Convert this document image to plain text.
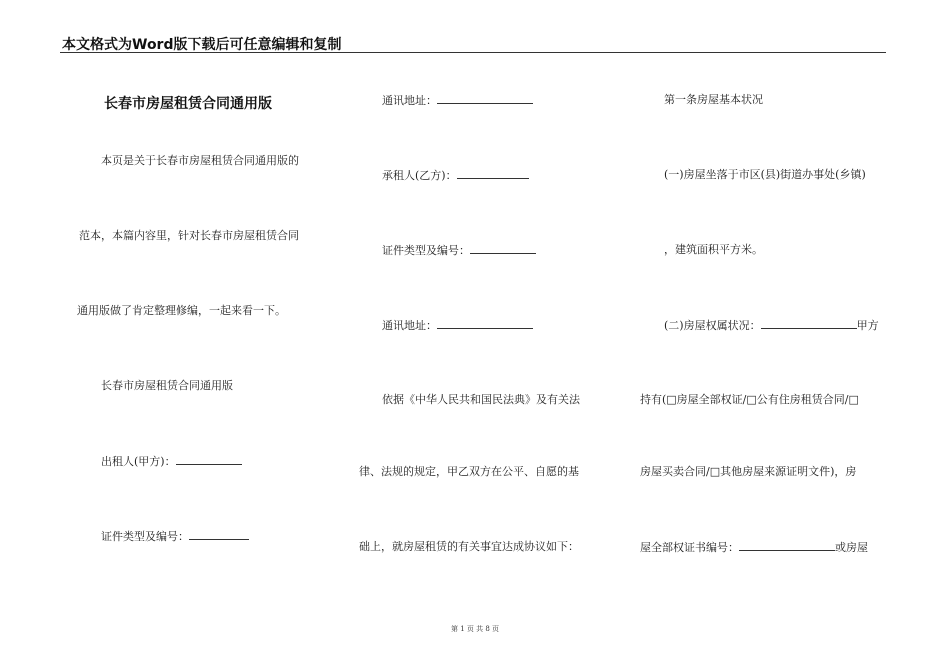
本文格式为Word版下载后可任意编辑和复制
长春市房屋租赁合同通用版
本页是关于长春市房屋租赁合同通用版的
范本，本篇内容里，针对长春市房屋租赁合同
通用版做了肯定整理修编，一起来看一下。
长春市房屋租赁合同通用版
出租人(甲方)：
证件类型及编号：
通讯地址：
承租人(乙方)：
证件类型及编号：
通讯地址：
依据《中华人民共和国民法典》及有关法
律、法规的规定，甲乙双方在公平、自愿的基
础上，就房屋租赁的有关事宜达成协议如下：
第一条房屋基本状况
(一)房屋坐落于市区(县)街道办事处(乡镇)
，建筑面积平方米。
(二)房屋权属状况：	甲方
持有(□房屋全部权证/□公有住房租赁合同/□
房屋买卖合同/□其他房屋来源证明文件)，房
屋全部权证书编号：	或房屋
第 1 页 共 8 页
